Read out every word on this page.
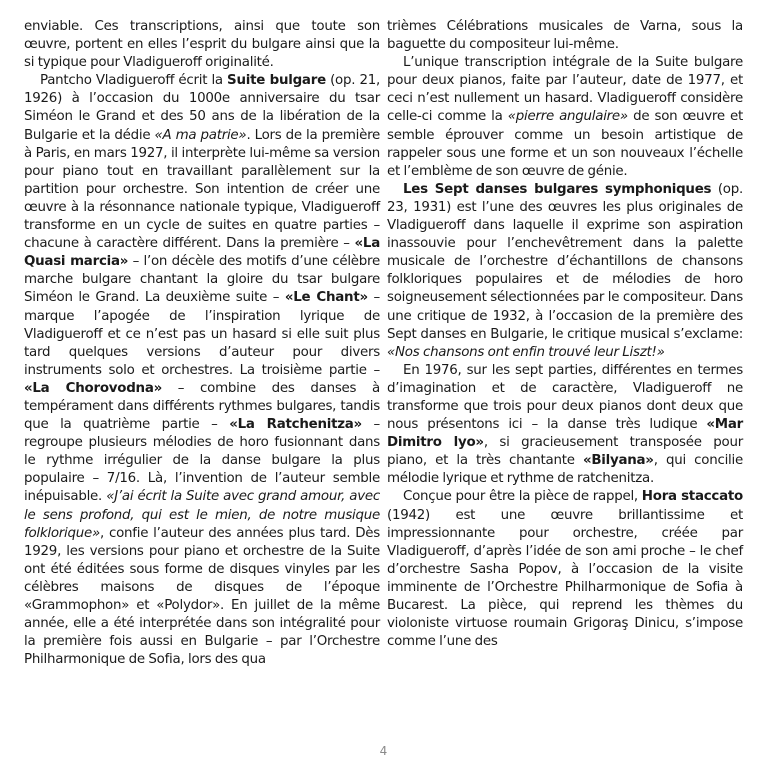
enviable. Ces transcriptions, ainsi que toute son œuvre, portent en elles l’esprit du bulgare ainsi que la si typique pour Vladigueroff originalité.

Pantcho Vladigueroff écrit la Suite bulgare (op. 21, 1926) à l’occasion du 1000e anniversaire du tsar Siméon le Grand et des 50 ans de la libération de la Bulgarie et la dédie «A ma patrie». Lors de la première à Paris, en mars 1927, il interprète lui-même sa version pour piano tout en travaillant parallèlement sur la partition pour orchestre. Son intention de créer une œuvre à la résonnance nationale typique, Vladigueroff transforme en un cycle de suites en quatre parties – chacune à caractère différent. Dans la première – «La Quasi marcia» – l’on décèle des motifs d’une célèbre marche bulgare chantant la gloire du tsar bulgare Siméon le Grand. La deuxième suite – «Le Chant» – marque l’apogée de l’inspiration lyrique de Vladigueroff et ce n’est pas un hasard si elle suit plus tard quelques versions d’auteur pour divers instruments solo et orchestres. La troisième partie – «La Chorovodna» – combine des danses à tempérament dans différents rythmes bulgares, tandis que la quatrième partie – «La Ratchenitza» – regroupe plusieurs mélodies de horo fusionnant dans le rythme irrégulier de la danse bulgare la plus populaire – 7/16. Là, l’invention de l’auteur semble inépuisable. «J’ai écrit la Suite avec grand amour, avec le sens profond, qui est le mien, de notre musique folklorique», confie l’auteur des années plus tard. Dès 1929, les versions pour piano et orchestre de la Suite ont été éditées sous forme de disques vinyles par les célèbres maisons de disques de l’époque «Grammophon» et «Polydor». En juillet de la même année, elle a été interprétée dans son intégralité pour la première fois aussi en Bulgarie – par l’Orchestre Philharmonique de Sofia, lors des qua

trièmes Célébrations musicales de Varna, sous la baguette du compositeur lui-même.

L’unique transcription intégrale de la Suite bulgare pour deux pianos, faite par l’auteur, date de 1977, et ceci n’est nullement un hasard. Vladigueroff considère celle-ci comme la «pierre angulaire» de son œuvre et semble éprouver comme un besoin artistique de rappeler sous une forme et un son nouveaux l’échelle et l’emblème de son œuvre de génie.

Les Sept danses bulgares symphoniques (op. 23, 1931) est l’une des œuvres les plus originales de Vladigueroff dans laquelle il exprime son aspiration inassouvie pour l’enchevêtrement dans la palette musicale de l’orchestre d’échantillons de chansons folkloriques populaires et de mélodies de horo soigneusement sélectionnées par le compositeur. Dans une critique de 1932, à l’occasion de la première des Sept danses en Bulgarie, le critique musical s’exclame: «Nos chansons ont enfin trouvé leur Liszt!»

En 1976, sur les sept parties, différentes en termes d’imagination et de caractère, Vladigueroff ne transforme que trois pour deux pianos dont deux que nous présentons ici – la danse très ludique «Mar Dimitro lyo», si gracieusement transposée pour piano, et la très chantante «Bilyana», qui concilie mélodie lyrique et rythme de ratchenitza.

Conçue pour être la pièce de rappel, Hora staccato (1942) est une œuvre brillantissime et impressionnante pour orchestre, créée par Vladigueroff, d’après l’idée de son ami proche – le chef d’orchestre Sasha Popov, à l’occasion de la visite imminente de l’Orchestre Philharmonique de Sofia à Bucarest. La pièce, qui reprend les thèmes du violoniste virtuose roumain Grigoraş Dinicu, s’impose comme l’une des

4
